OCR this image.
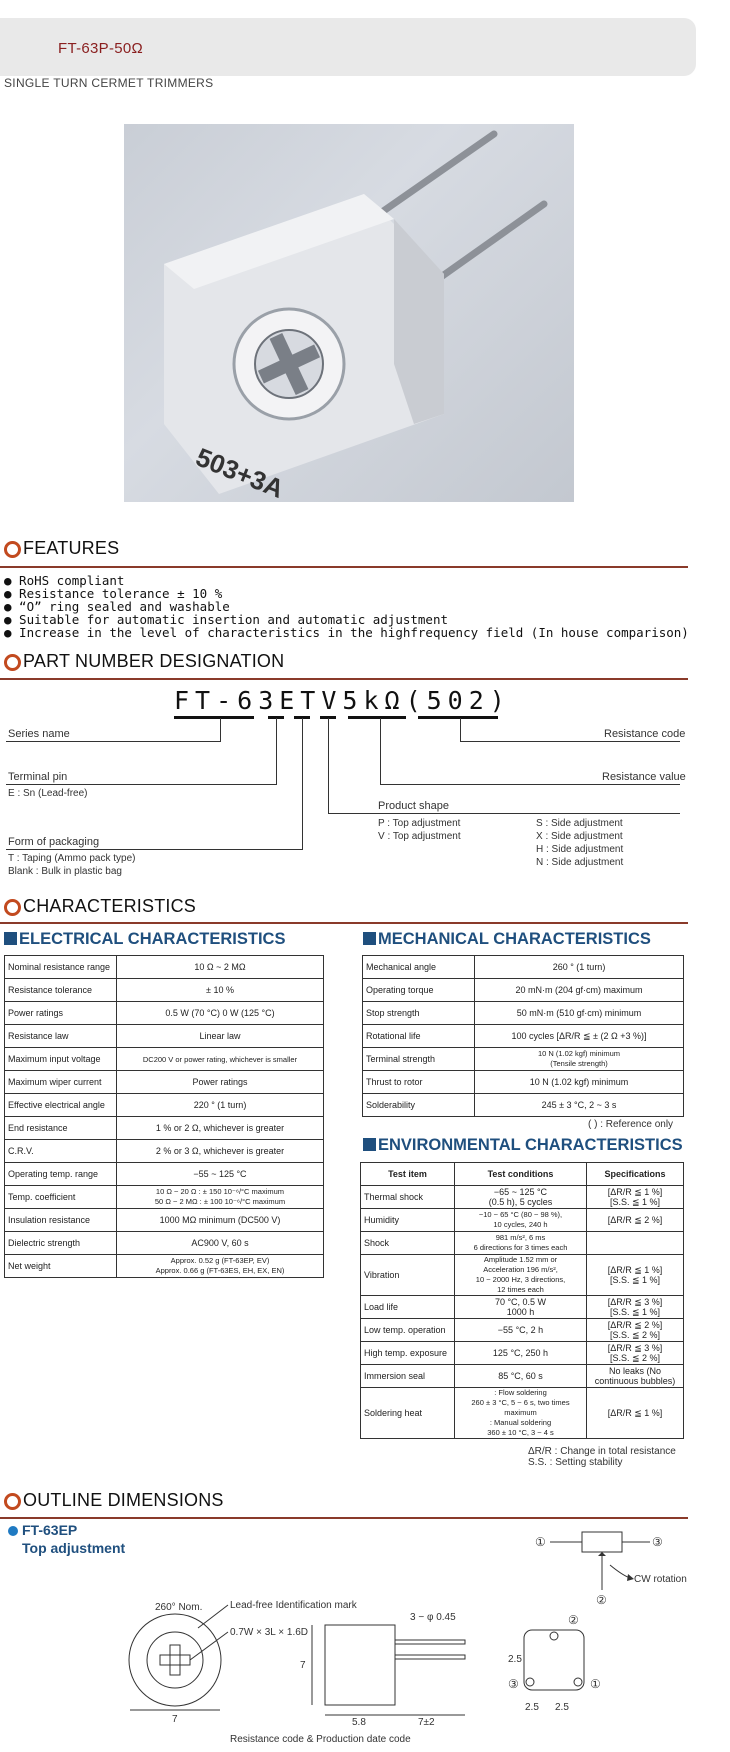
FT-63P-50Ω
SINGLE TURN CERMET TRIMMERS
503+3A
FEATURES
● RoHS compliant
● Resistance tolerance ± 10 %
● “O” ring sealed and washable
● Suitable for automatic insertion and automatic adjustment
● Increase in the level of characteristics in the highfrequency field (In house comparison)
PART NUMBER DESIGNATION
FT-63ETV5kΩ(502)
Series name
Terminal pin
E : Sn (Lead-free)
Form of packaging
T : Taping (Ammo pack type)
Blank : Bulk in plastic bag
Product shape
P : Top adjustment
V : Top adjustment
S : Side adjustment
X : Side adjustment
H : Side adjustment
N : Side adjustment
Resistance value
Resistance code
CHARACTERISTICS
ELECTRICAL CHARACTERISTICS
Nominal resistance range	10 Ω ~ 2 MΩ
Resistance tolerance	± 10 %
Power ratings	0.5 W (70 °C) 0 W (125 °C)
Resistance law	Linear law
Maximum input voltage	DC200 V or power rating, whichever is smaller
Maximum wiper current	Power ratings
Effective electrical angle	220 ° (1 turn)
End resistance	1 % or 2 Ω, whichever is greater
C.R.V.	2 % or 3 Ω, whichever is greater
Operating temp. range	−55 ~ 125 °C
Temp. coefficient	10 Ω ~ 20 Ω : ± 150 10⁻⁶/°C maximum
50 Ω ~ 2 MΩ : ± 100 10⁻⁶/°C maximum
Insulation resistance	1000 MΩ minimum (DC500 V)
Dielectric strength	AC900 V, 60 s
Net weight	Approx. 0.52 g (FT-63EP, EV)
Approx. 0.66 g (FT-63ES, EH, EX, EN)
MECHANICAL CHARACTERISTICS
Mechanical angle	260 ° (1 turn)
Operating torque	20 mN·m (204 gf·cm) maximum
Stop strength	50 mN·m (510 gf·cm) minimum
Rotational life	100 cycles [ΔR/R ≦ ± (2 Ω +3 %)]
Terminal strength	10 N (1.02 kgf) minimum
(Tensile strength)
Thrust to rotor	10 N (1.02 kgf) minimum
Solderability	245 ± 3 °C, 2 ~ 3 s
( ) : Reference only
ENVIRONMENTAL CHARACTERISTICS
Test item	Test conditions	Specifications
Thermal shock	−65 ~ 125 °C
(0.5 h), 5 cycles	[ΔR/R ≦ 1 %]
[S.S. ≦ 1 %]
Humidity	−10 ~ 65 °C (80 ~ 98 %),
10 cycles, 240 h	[ΔR/R ≦ 2 %]
Shock	981 m/s², 6 ms
6 directions for 3 times each	
Vibration	Amplitude 1.52 mm or
Acceleration 196 m/s²,
10 ~ 2000 Hz, 3 directions,
12 times each	[ΔR/R ≦ 1 %]
[S.S. ≦ 1 %]
Load life	70 °C, 0.5 W
1000 h	[ΔR/R ≦ 3 %]
[S.S. ≦ 1 %]
Low temp. operation	−55 °C, 2 h	[ΔR/R ≦ 2 %]
[S.S. ≦ 2 %]
High temp. exposure	125 °C, 250 h	[ΔR/R ≦ 3 %]
[S.S. ≦ 2 %]
Immersion seal	85 °C, 60 s	No leaks (No continuous bubbles)
Soldering heat	: Flow soldering
260 ± 3 °C, 5 ~ 6 s, two times maximum
: Manual soldering
360 ± 10 °C, 3 ~ 4 s	[ΔR/R ≦ 1 %]
ΔR/R : Change in total resistance
S.S. : Setting stability
OUTLINE DIMENSIONS
FT-63EP
Top adjustment	①	③
②
CW rotation
260° Nom.	Lead-free Identification mark
0.7W × 3L × 1.6D
7
Resistance code & Production date code
7
3 − φ 0.45
5.8	7±2
2.5
2.5 2.5
②
③	①
